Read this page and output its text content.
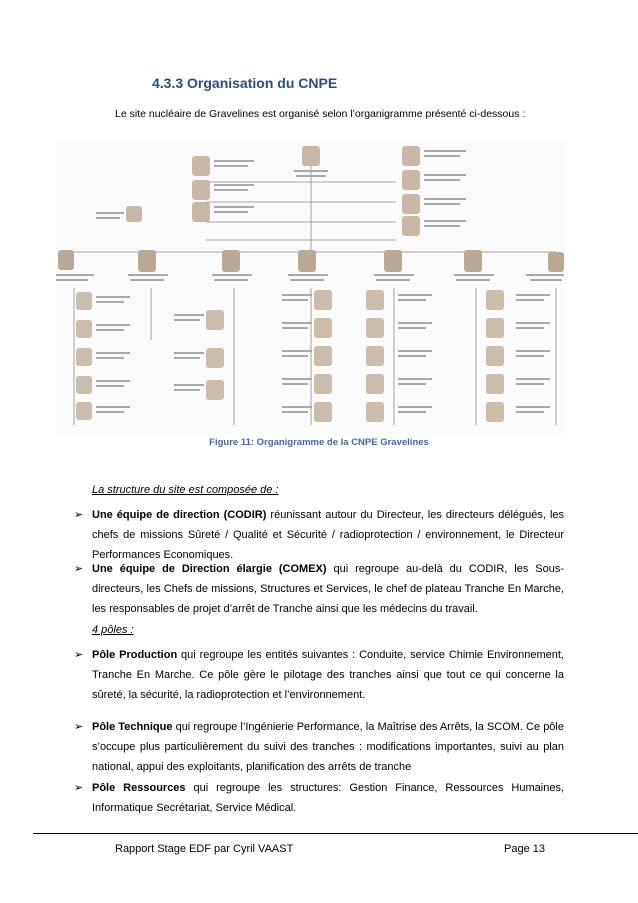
4.3.3 Organisation du CNPE
Le site nucléaire de Gravelines est organisé selon l’organigramme présenté ci-dessous :
Figure 11: Organigramme de la CNPE Gravelines
La structure du site est composée de :
➢ Une équipe de direction (CODIR) réunissant autour du Directeur, les directeurs délégués, les chefs de missions Sûreté / Qualité et Sécurité / radioprotection / environnement, le Directeur Performances Economiques.
➢ Une équipe de Direction élargie (COMEX) qui regroupe au-delà du CODIR, les Sous-directeurs, les Chefs de missions, Structures et Services, le chef de plateau Tranche En Marche, les responsables de projet d’arrêt de Tranche ainsi que les médecins du travail.
4 pôles :
➢ Pôle Production qui regroupe les entités suivantes : Conduite, service Chimie Environnement, Tranche En Marche. Ce pôle gère le pilotage des tranches ainsi que tout ce qui concerne la sûreté, la sécurité, la radioprotection et l’environnement.
➢ Pôle Technique qui regroupe l’Ingénierie Performance, la Maîtrise des Arrêts, la SCOM. Ce pôle s’occupe plus particulièrement du suivi des tranches : modifications importantes, suivi au plan national, appui des exploitants, planification des arrêts de tranche
➢ Pôle Ressources qui regroupe les structures: Gestion Finance, Ressources Humaines, Informatique Secrétariat, Service Médical.
Rapport Stage EDF par Cyril VAAST	Page 13
